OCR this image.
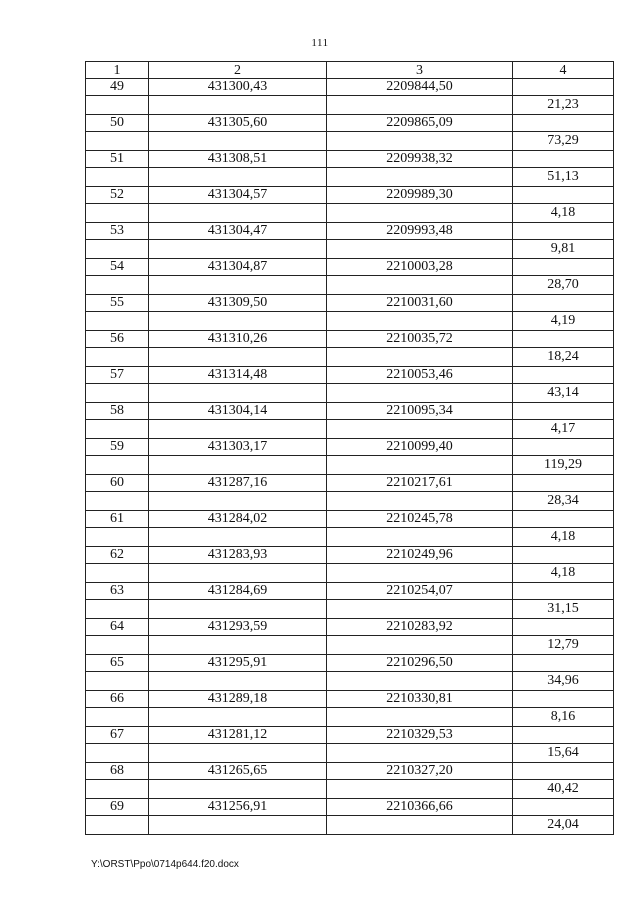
111
1	2	3	4
49	431300,43	2209844,50	
			21,23
50	431305,60	2209865,09	
			73,29
51	431308,51	2209938,32	
			51,13
52	431304,57	2209989,30	
			4,18
53	431304,47	2209993,48	
			9,81
54	431304,87	2210003,28	
			28,70
55	431309,50	2210031,60	
			4,19
56	431310,26	2210035,72	
			18,24
57	431314,48	2210053,46	
			43,14
58	431304,14	2210095,34	
			4,17
59	431303,17	2210099,40	
			119,29
60	431287,16	2210217,61	
			28,34
61	431284,02	2210245,78	
			4,18
62	431283,93	2210249,96	
			4,18
63	431284,69	2210254,07	
			31,15
64	431293,59	2210283,92	
			12,79
65	431295,91	2210296,50	
			34,96
66	431289,18	2210330,81	
			8,16
67	431281,12	2210329,53	
			15,64
68	431265,65	2210327,20	
			40,42
69	431256,91	2210366,66	
			24,04
Y:\ORST\Ppo\0714p644.f20.docx
